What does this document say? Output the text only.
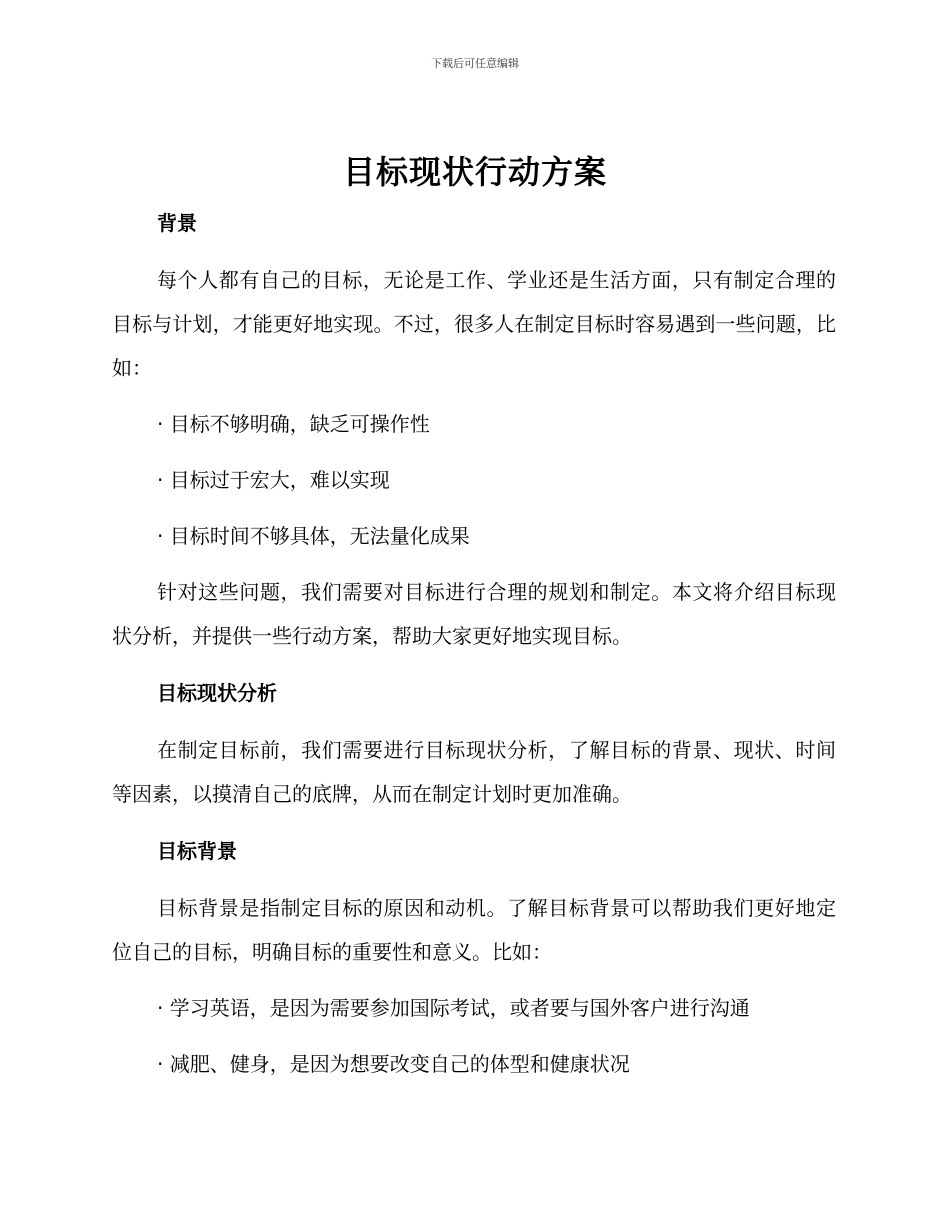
下载后可任意编辑
目标现状行动方案
背景

每个人都有自己的目标，无论是工作、学业还是生活方面，只有制定合理的目标与计划，才能更好地实现。不过，很多人在制定目标时容易遇到一些问题，比如：

· 目标不够明确，缺乏可操作性
· 目标过于宏大，难以实现
· 目标时间不够具体，无法量化成果

针对这些问题，我们需要对目标进行合理的规划和制定。本文将介绍目标现状分析，并提供一些行动方案，帮助大家更好地实现目标。

目标现状分析

在制定目标前，我们需要进行目标现状分析，了解目标的背景、现状、时间等因素，以摸清自己的底牌，从而在制定计划时更加准确。

目标背景

目标背景是指制定目标的原因和动机。了解目标背景可以帮助我们更好地定位自己的目标，明确目标的重要性和意义。比如：

· 学习英语，是因为需要参加国际考试，或者要与国外客户进行沟通
· 减肥、健身，是因为想要改变自己的体型和健康状况
